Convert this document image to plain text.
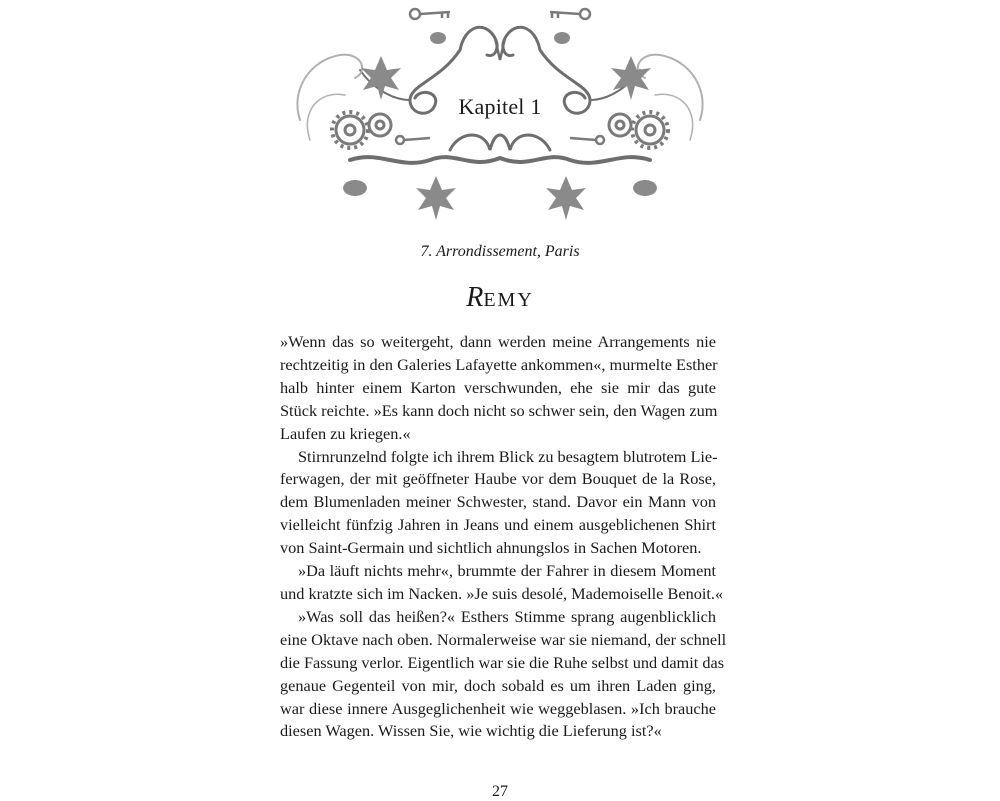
Kapitel 1
7. Arrondissement, Paris
REMY
»Wenn das so weitergeht, dann werden meine Arrangements nie
rechtzeitig in den Galeries Lafayette ankommen«, murmelte Esther
halb hinter einem Karton verschwunden, ehe sie mir das gute
Stück reichte. »Es kann doch nicht so schwer sein, den Wagen zum
Laufen zu kriegen.«
Stirnrunzelnd folgte ich ihrem Blick zu besagtem blutrotem Lie-
ferwagen, der mit geöffneter Haube vor dem Bouquet de la Rose,
dem Blumenladen meiner Schwester, stand. Davor ein Mann von
vielleicht fünfzig Jahren in Jeans und einem ausgeblichenen Shirt
von Saint-Germain und sichtlich ahnungslos in Sachen Motoren.
»Da läuft nichts mehr«, brummte der Fahrer in diesem Moment
und kratzte sich im Nacken. »Je suis desolé, Mademoiselle Benoit.«
»Was soll das heißen?« Esthers Stimme sprang augenblicklich
eine Oktave nach oben. Normalerweise war sie niemand, der schnell
die Fassung verlor. Eigentlich war sie die Ruhe selbst und damit das
genaue Gegenteil von mir, doch sobald es um ihren Laden ging,
war diese innere Ausgeglichenheit wie weggeblasen. »Ich brauche
diesen Wagen. Wissen Sie, wie wichtig die Lieferung ist?«
27
